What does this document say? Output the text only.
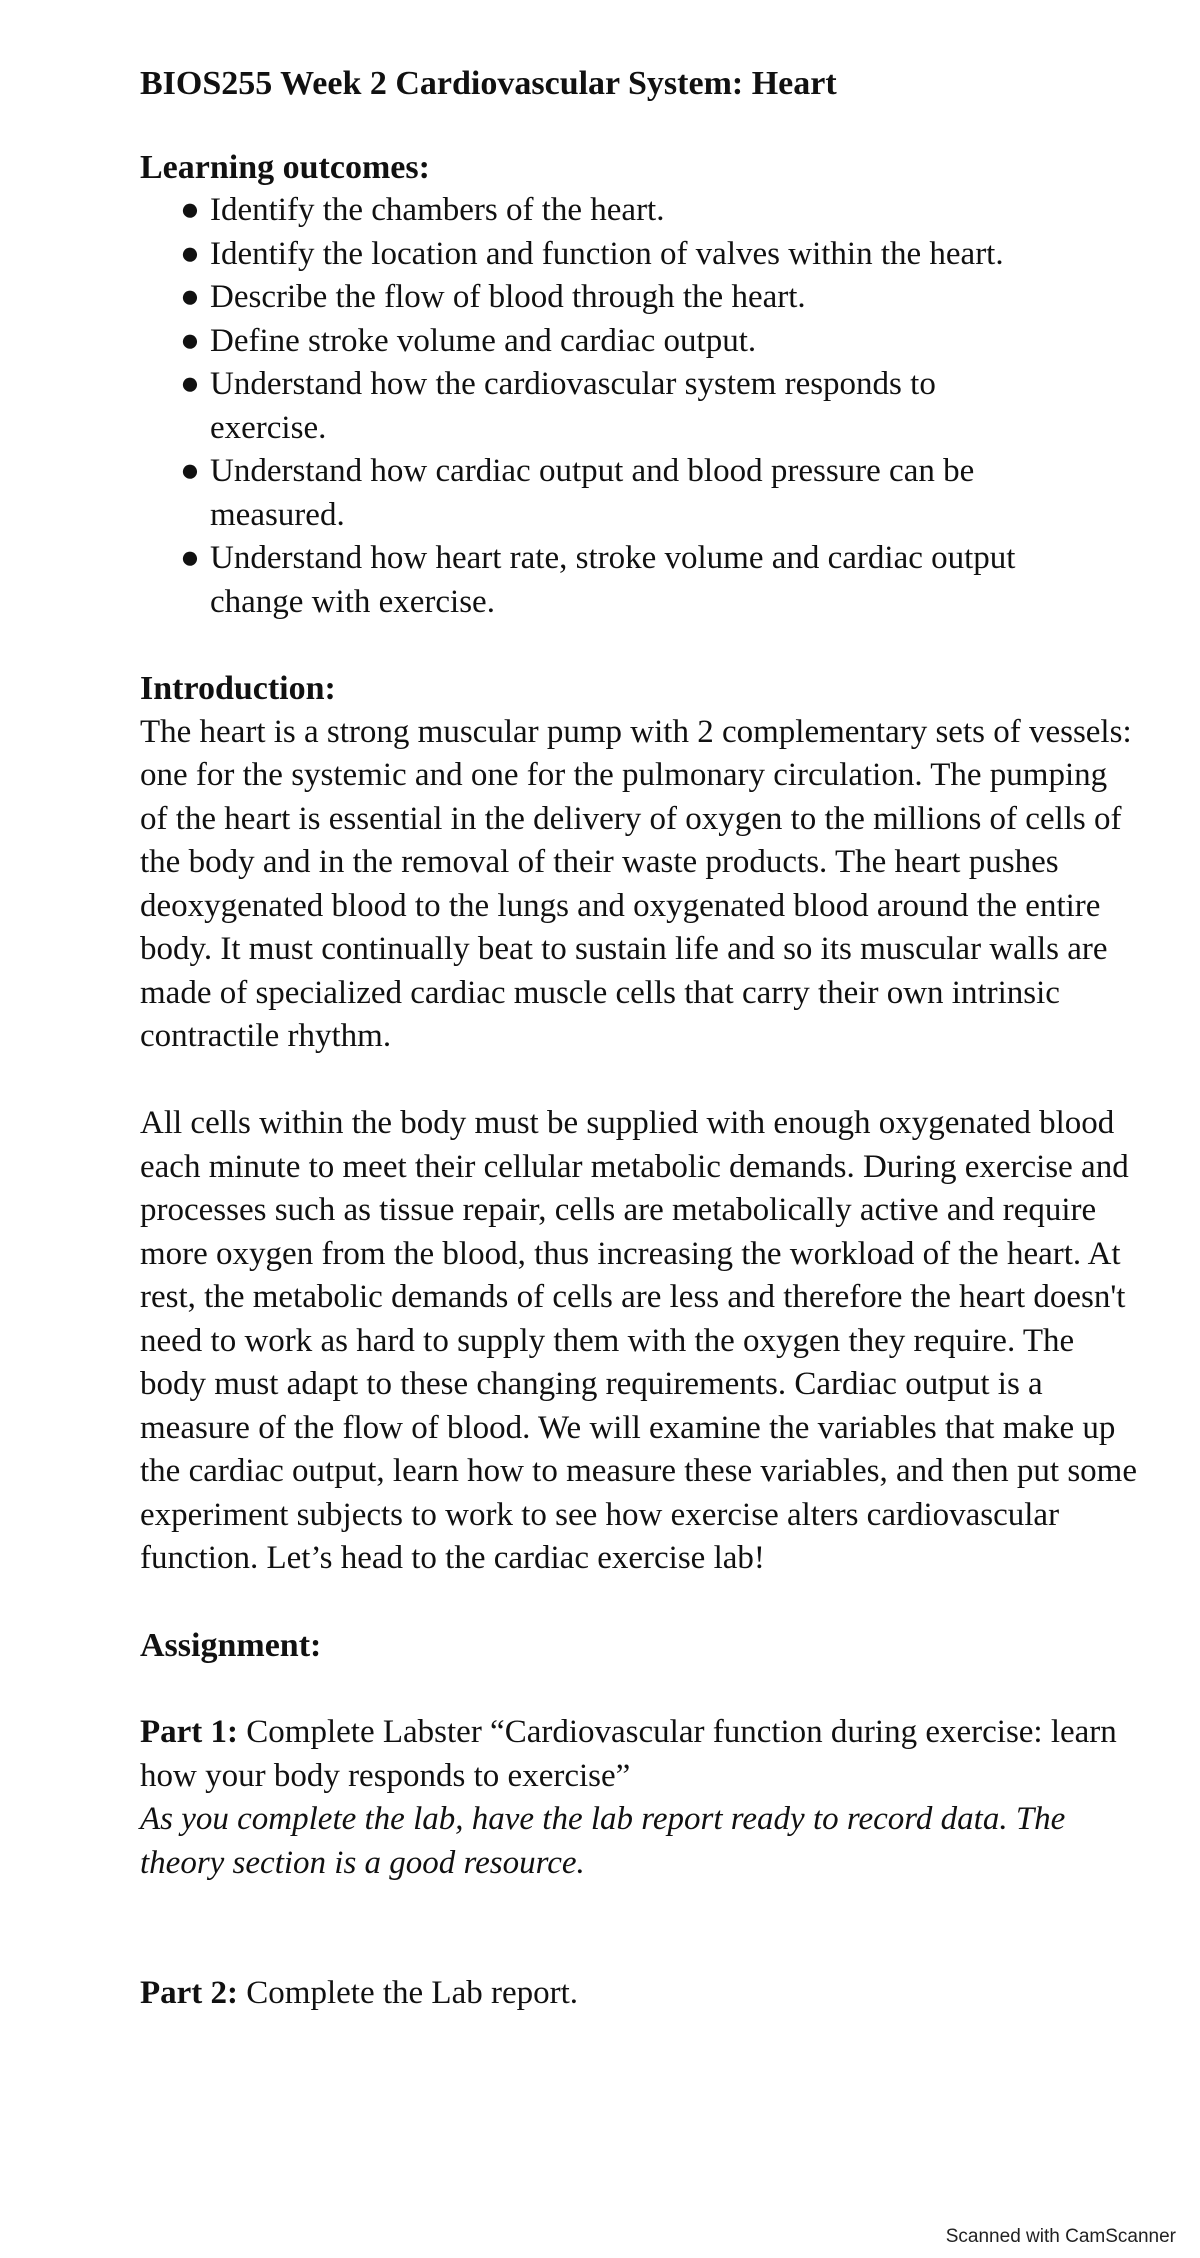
BIOS255 Week 2 Cardiovascular System: Heart

Learning outcomes:

● Identify the chambers of the heart.
● Identify the location and function of valves within the heart.
● Describe the flow of blood through the heart.
● Define stroke volume and cardiac output.
● Understand how the cardiovascular system responds to exercise.
● Understand how cardiac output and blood pressure can be measured.
● Understand how heart rate, stroke volume and cardiac output change with exercise.

Introduction:

The heart is a strong muscular pump with 2 complementary sets of vessels: one for the systemic and one for the pulmonary circulation. The pumping of the heart is essential in the delivery of oxygen to the millions of cells of the body and in the removal of their waste products. The heart pushes deoxygenated blood to the lungs and oxygenated blood around the entire body. It must continually beat to sustain life and so its muscular walls are made of specialized cardiac muscle cells that carry their own intrinsic contractile rhythm.

All cells within the body must be supplied with enough oxygenated blood each minute to meet their cellular metabolic demands. During exercise and processes such as tissue repair, cells are metabolically active and require more oxygen from the blood, thus increasing the workload of the heart. At rest, the metabolic demands of cells are less and therefore the heart doesn't need to work as hard to supply them with the oxygen they require. The body must adapt to these changing requirements. Cardiac output is a measure of the flow of blood. We will examine the variables that make up the cardiac output, learn how to measure these variables, and then put some experiment subjects to work to see how exercise alters cardiovascular function. Let’s head to the cardiac exercise lab!

Assignment:

Part 1: Complete Labster “Cardiovascular function during exercise: learn how your body responds to exercise”

As you complete the lab, have the lab report ready to record data. The theory section is a good resource.

Part 2: Complete the Lab report.

Scanned with CamScanner
